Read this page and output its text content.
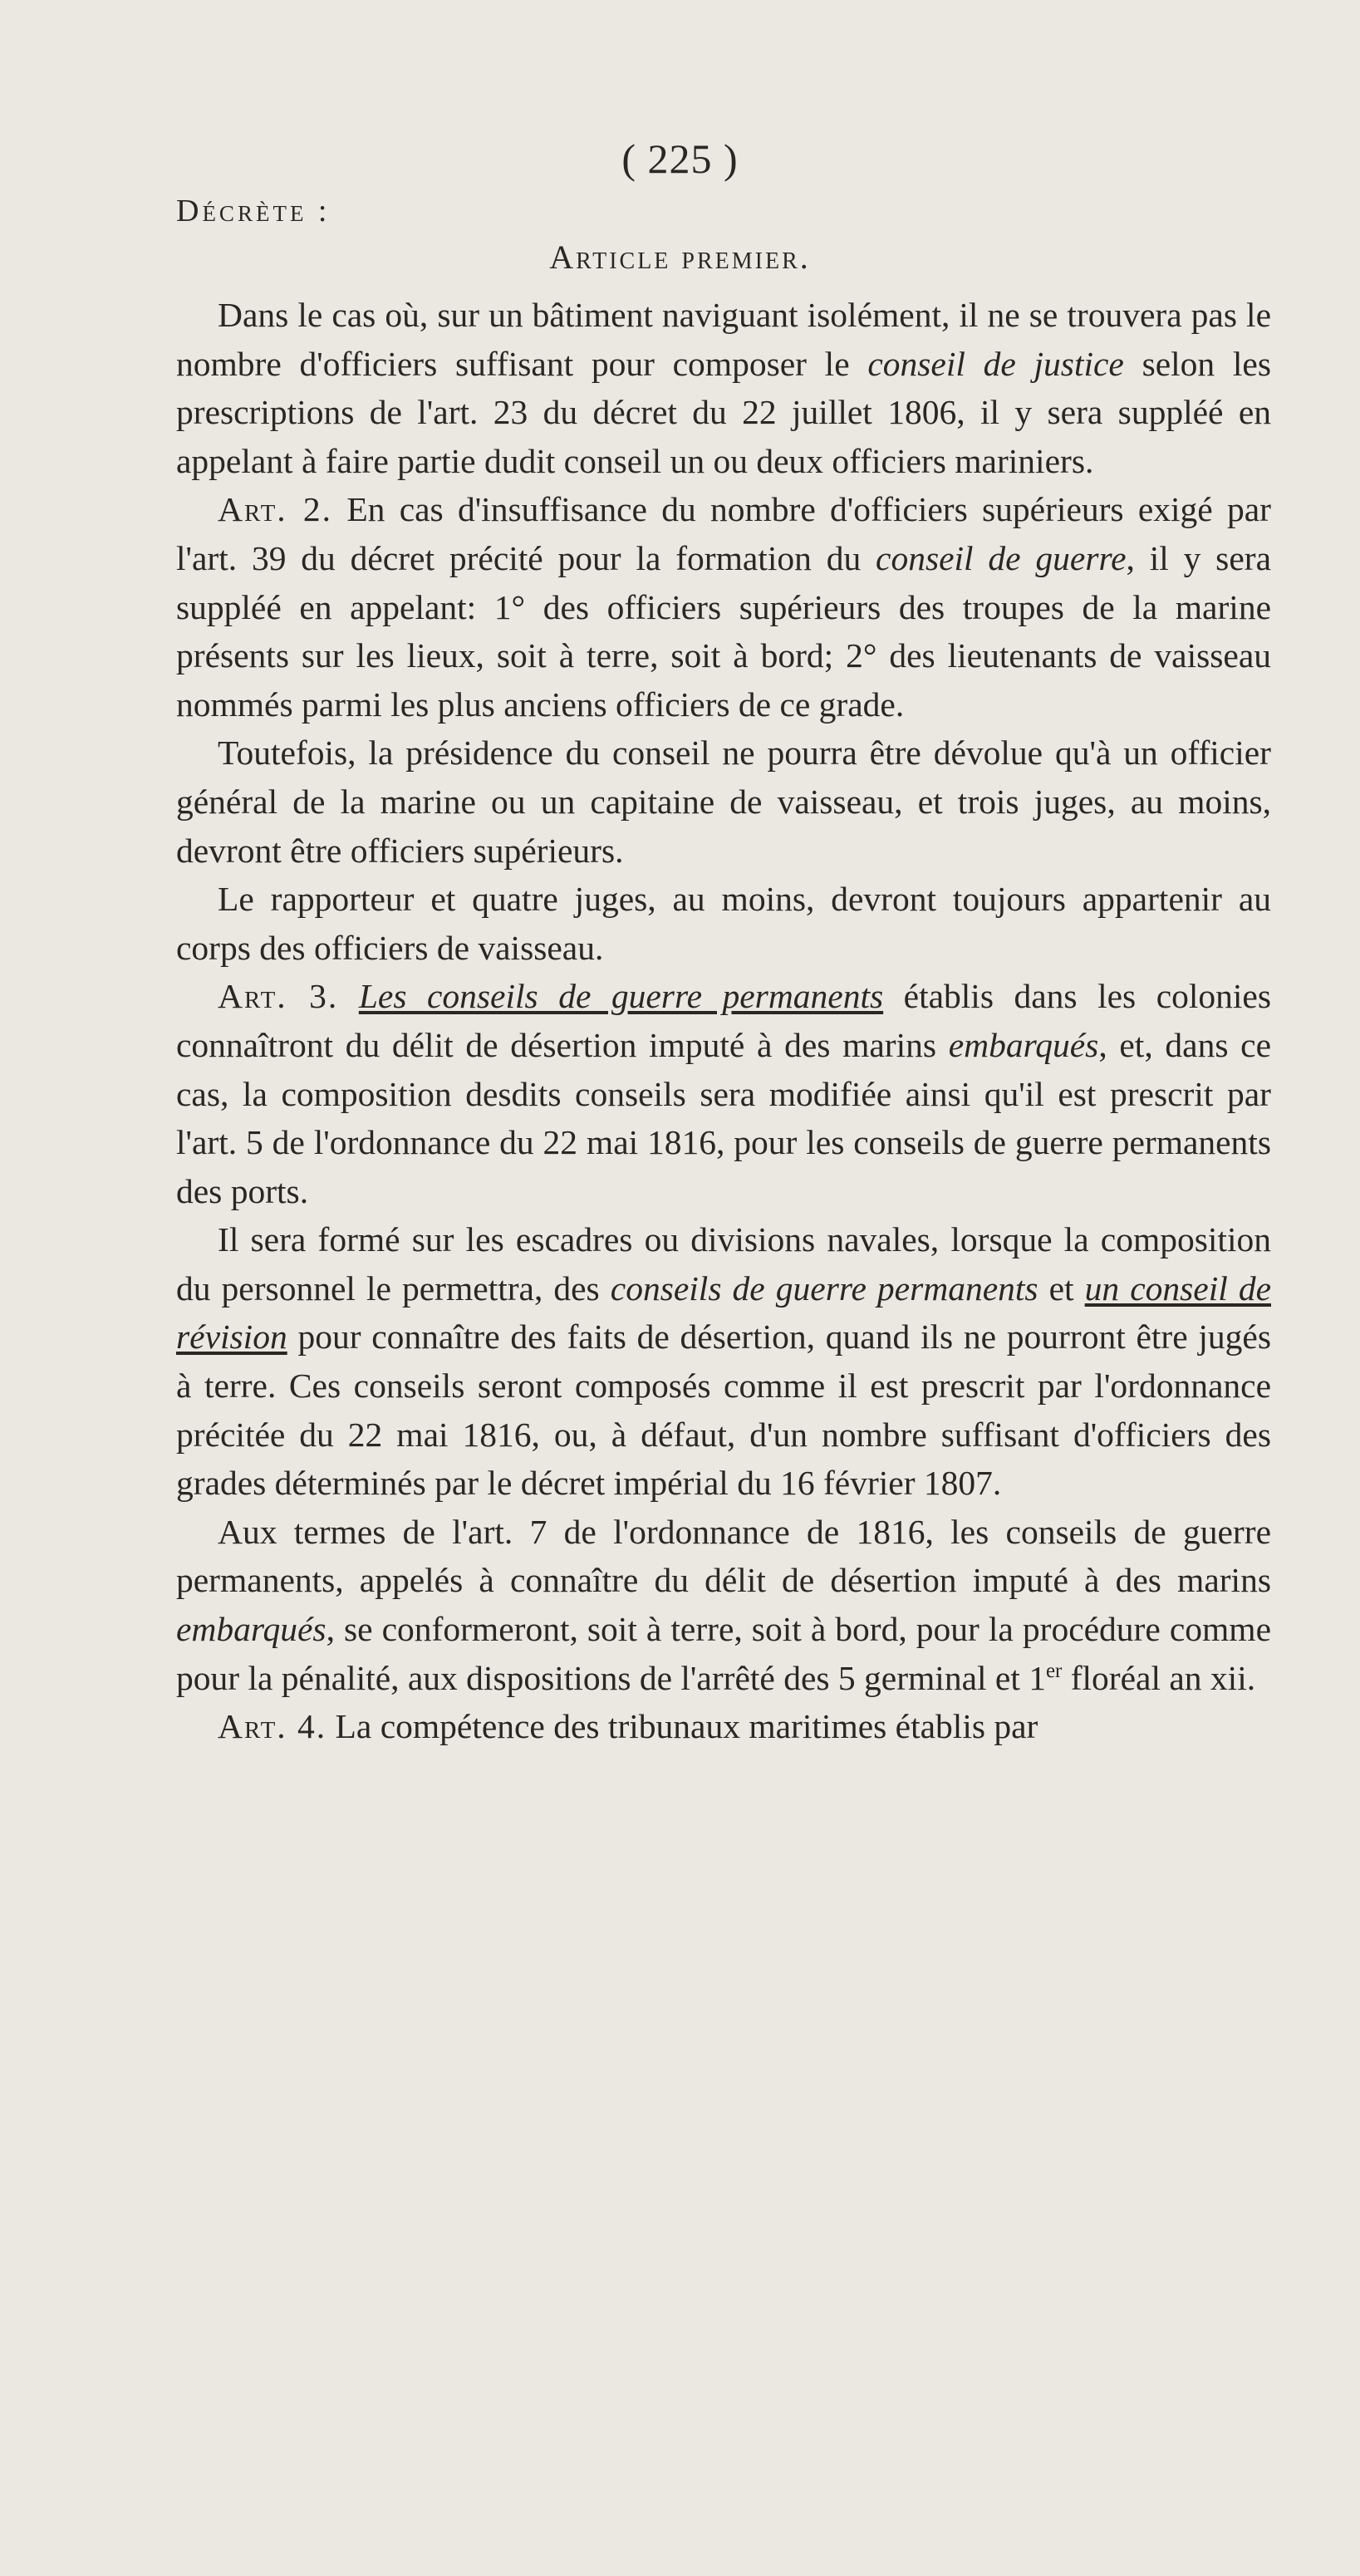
( 225 )
Décrète :
Article premier.

Dans le cas où, sur un bâtiment naviguant isolément, il ne se trouvera pas le nombre d'officiers suffisant pour composer le conseil de justice selon les prescriptions de l'art. 23 du décret du 22 juillet 1806, il y sera suppléé en appelant à faire partie dudit conseil un ou deux officiers mariniers.

Art. 2. En cas d'insuffisance du nombre d'officiers supérieurs exigé par l'art. 39 du décret précité pour la formation du conseil de guerre, il y sera suppléé en appelant: 1° des officiers supérieurs des troupes de la marine présents sur les lieux, soit à terre, soit à bord; 2° des lieutenants de vaisseau nommés parmi les plus anciens officiers de ce grade.

Toutefois, la présidence du conseil ne pourra être dévolue qu'à un officier général de la marine ou un capitaine de vaisseau, et trois juges, au moins, devront être officiers supérieurs.

Le rapporteur et quatre juges, au moins, devront toujours appartenir au corps des officiers de vaisseau.

Art. 3. Les conseils de guerre permanents établis dans les colonies connaîtront du délit de désertion imputé à des marins embarqués, et, dans ce cas, la composition desdits conseils sera modifiée ainsi qu'il est prescrit par l'art. 5 de l'ordonnance du 22 mai 1816, pour les conseils de guerre permanents des ports.

Il sera formé sur les escadres ou divisions navales, lorsque la composition du personnel le permettra, des conseils de guerre permanents et un conseil de révision pour connaître des faits de désertion, quand ils ne pourront être jugés à terre. Ces conseils seront composés comme il est prescrit par l'ordonnance précitée du 22 mai 1816, ou, à défaut, d'un nombre suffisant d'officiers des grades déterminés par le décret impérial du 16 février 1807.

Aux termes de l'art. 7 de l'ordonnance de 1816, les conseils de guerre permanents, appelés à connaître du délit de désertion imputé à des marins embarqués, se conformeront, soit à terre, soit à bord, pour la procédure comme pour la pénalité, aux dispositions de l'arrêté des 5 germinal et 1er floréal an xii.

Art. 4. La compétence des tribunaux maritimes établis par
